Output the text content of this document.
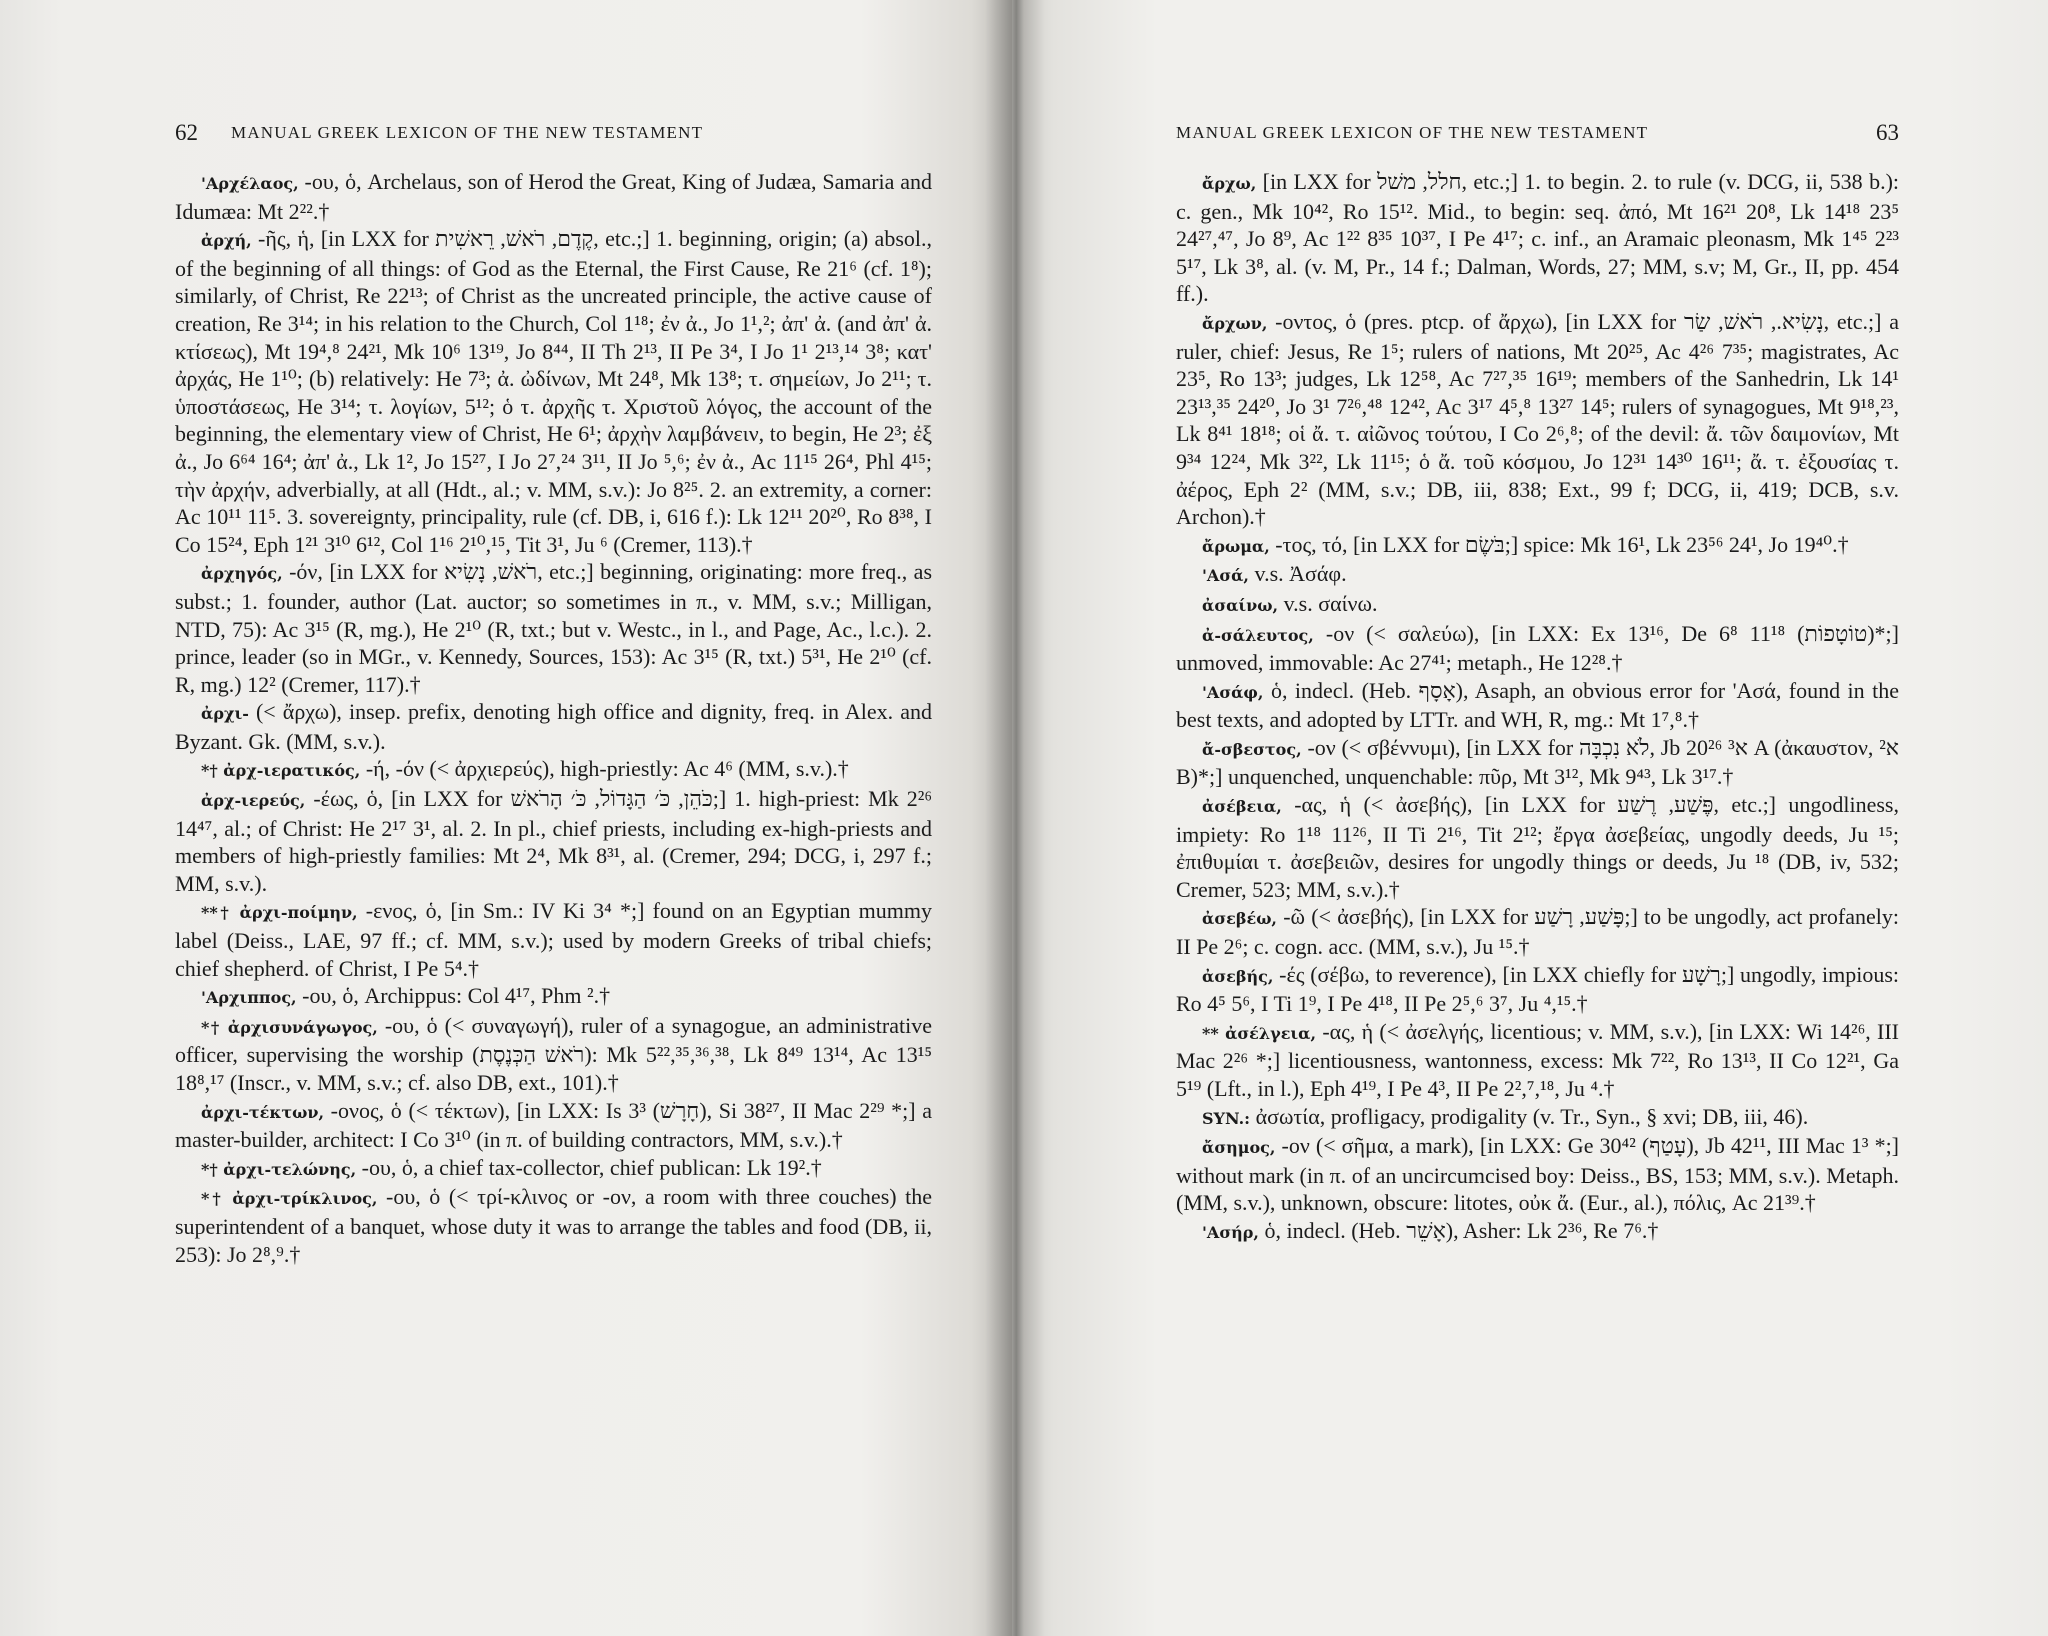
62 MANUAL GREEK LEXICON OF THE NEW TESTAMENT

'Αρχέλαος, -ου, ὁ, Archelaus, son of Herod the Great, King of Judæa, Samaria and Idumæa: Mt 2²².†

ἀρχή, -ῆς, ἡ, [in LXX for קֶדֶם, רֹאשׁ, רֵאשִׁית, etc.;] 1. beginning, origin; (a) absol., of the beginning of all things: of God as the Eternal, the First Cause, Re 21⁶ (cf. 1⁸); similarly, of Christ, Re 22¹³; of Christ as the uncreated principle, the active cause of creation, Re 3¹⁴; in his relation to the Church, Col 1¹⁸; ἐν ἀ., Jo 1¹,²; ἀπ' ἀ. (and ἀπ' ἀ. κτίσεως), Mt 19⁴,⁸ 24²¹, Mk 10⁶ 13¹⁹, Jo 8⁴⁴, II Th 2¹³, II Pe 3⁴, I Jo 1¹ 2¹³,¹⁴ 3⁸; κατ' ἀρχάς, He 1¹⁰; (b) relatively: He 7³; ἀ. ὠδίνων, Mt 24⁸, Mk 13⁸; τ. σημείων, Jo 2¹¹; τ. ὑποστάσεως, He 3¹⁴; τ. λογίων, 5¹²; ὁ τ. ἀρχῆς τ. Χριστοῦ λόγος, the account of the beginning, the elementary view of Christ, He 6¹; ἀρχὴν λαμβάνειν, to begin, He 2³; ἐξ ἀ., Jo 6⁶⁴ 16⁴; ἀπ' ἀ., Lk 1², Jo 15²⁷, I Jo 2⁷,²⁴ 3¹¹, II Jo ⁵,⁶; ἐν ἀ., Ac 11¹⁵ 26⁴, Phl 4¹⁵; τὴν ἀρχήν, adverbially, at all (Hdt., al.; v. MM, s.v.): Jo 8²⁵. 2. an extremity, a corner: Ac 10¹¹ 11⁵. 3. sovereignty, principality, rule (cf. DB, i, 616 f.): Lk 12¹¹ 20²⁰, Ro 8³⁸, I Co 15²⁴, Eph 1²¹ 3¹⁰ 6¹², Col 1¹⁶ 2¹⁰,¹⁵, Tit 3¹, Ju ⁶ (Cremer, 113).†

ἀρχηγός, -όν, [in LXX for רֹאשׁ, נָשִׂיא, etc.;] beginning, originating: more freq., as subst.; 1. founder, author (Lat. auctor; so sometimes in π., v. MM, s.v.; Milligan, NTD, 75): Ac 3¹⁵ (R, mg.), He 2¹⁰ (R, txt.; but v. Westc., in l., and Page, Ac., l.c.). 2. prince, leader (so in MGr., v. Kennedy, Sources, 153): Ac 3¹⁵ (R, txt.) 5³¹, He 2¹⁰ (cf. R, mg.) 12² (Cremer, 117).†

ἀρχι- (< ἄρχω), insep. prefix, denoting high office and dignity, freq. in Alex. and Byzant. Gk. (MM, s.v.).

*† ἀρχ-ιερατικός, -ή, -όν (< ἀρχιερεύς), high-priestly: Ac 4⁶ (MM, s.v.).†

ἀρχ-ιερεύς, -έως, ὁ, [in LXX for כֹּהֵן, כֹּ׳ הַגָּדוֹל, כֹּ׳ הָרֹאשׁ;] 1. high-priest: Mk 2²⁶ 14⁴⁷, al.; of Christ: He 2¹⁷ 3¹, al. 2. In pl., chief priests, including ex-high-priests and members of high-priestly families: Mt 2⁴, Mk 8³¹, al. (Cremer, 294; DCG, i, 297 f.; MM, s.v.).

**† ἀρχι-ποίμην, -ενος, ὁ, [in Sm.: IV Ki 3⁴ *;] found on an Egyptian mummy label (Deiss., LAE, 97 ff.; cf. MM, s.v.); used by modern Greeks of tribal chiefs; chief shepherd. of Christ, I Pe 5⁴.†

'Αρχιππος, -ου, ὁ, Archippus: Col 4¹⁷, Phm ².†

*† ἀρχισυνάγωγος, -ου, ὁ (< συναγωγή), ruler of a synagogue, an administrative officer, supervising the worship (רֹאשׁ הַכְּנֶסֶת): Mk 5²²,³⁵,³⁶,³⁸, Lk 8⁴⁹ 13¹⁴, Ac 13¹⁵ 18⁸,¹⁷ (Inscr., v. MM, s.v.; cf. also DB, ext., 101).†

ἀρχι-τέκτων, -ονος, ὁ (< τέκτων), [in LXX: Is 3³ (חָרָשׁ), Si 38²⁷, II Mac 2²⁹ *;] a master-builder, architect: I Co 3¹⁰ (in π. of building contractors, MM, s.v.).†

*† ἀρχι-τελώνης, -ου, ὁ, a chief tax-collector, chief publican: Lk 19².†

*† ἀρχι-τρίκλινος, -ου, ὁ (< τρί-κλινος or -ον, a room with three couches) the superintendent of a banquet, whose duty it was to arrange the tables and food (DB, ii, 253): Jo 2⁸,⁹.†

MANUAL GREEK LEXICON OF THE NEW TESTAMENT	63

ἄρχω, [in LXX for חלל, משׁל, etc.;] 1. to begin. 2. to rule (v. DCG, ii, 538 b.): c. gen., Mk 10⁴², Ro 15¹². Mid., to begin: seq. ἀπό, Mt 16²¹ 20⁸, Lk 14¹⁸ 23⁵ 24²⁷,⁴⁷, Jo 8⁹, Ac 1²² 8³⁵ 10³⁷, I Pe 4¹⁷; c. inf., an Aramaic pleonasm, Mk 1⁴⁵ 2²³ 5¹⁷, Lk 3⁸, al. (v. M, Pr., 14 f.; Dalman, Words, 27; MM, s.v; M, Gr., II, pp. 454 ff.).

ἄρχων, -οντος, ὁ (pres. ptcp. of ἄρχω), [in LXX for נָשִׂיא., רֹאשׁ, שַׂר, etc.;] a ruler, chief: Jesus, Re 1⁵; rulers of nations, Mt 20²⁵, Ac 4²⁶ 7³⁵; magistrates, Ac 23⁵, Ro 13³; judges, Lk 12⁵⁸, Ac 7²⁷,³⁵ 16¹⁹; members of the Sanhedrin, Lk 14¹ 23¹³,³⁵ 24²⁰, Jo 3¹ 7²⁶,⁴⁸ 12⁴², Ac 3¹⁷ 4⁵,⁸ 13²⁷ 14⁵; rulers of synagogues, Mt 9¹⁸,²³, Lk 8⁴¹ 18¹⁸; οἱ ἄ. τ. αἰῶνος τούτου, I Co 2⁶,⁸; of the devil: ἄ. τῶν δαιμονίων, Mt 9³⁴ 12²⁴, Mk 3²², Lk 11¹⁵; ὁ ἄ. τοῦ κόσμου, Jo 12³¹ 14³⁰ 16¹¹; ἄ. τ. ἐξουσίας τ. ἀέρος, Eph 2² (MM, s.v.; DB, iii, 838; Ext., 99 f; DCG, ii, 419; DCB, s.v. Archon).†

ἄρωμα, -τος, τό, [in LXX for בֹּשֶׂם;] spice: Mk 16¹, Lk 23⁵⁶ 24¹, Jo 19⁴⁰.†

'Ασά, v.s. Ἀσάφ.

ἀσαίνω, v.s. σαίνω.

ἀ-σάλευτος, -ον (< σαλεύω), [in LXX: Ex 13¹⁶, De 6⁸ 11¹⁸ (טוֹטָפוֹת)*;] unmoved, immovable: Ac 27⁴¹; metaph., He 12²⁸.†

'Ασάφ, ὁ, indecl. (Heb. אָסָף), Asaph, an obvious error for 'Ασά, found in the best texts, and adopted by LTTr. and WH, R, mg.: Mt 1⁷,⁸.†

ἄ-σβεστος, -ον (< σβέννυμι), [in LXX for לֹא נִכְבָּה, Jb 20²⁶ א³ A (ἀκαυστον, א² B)*;] unquenched, unquenchable: πῦρ, Mt 3¹², Mk 9⁴³, Lk 3¹⁷.†

ἀσέβεια, -ας, ἡ (< ἀσεβής), [in LXX for פֶּשַׁע, רֶשַׁע, etc.;] ungodliness, impiety: Ro 1¹⁸ 11²⁶, II Ti 2¹⁶, Tit 2¹²; ἔργα ἀσεβείας, ungodly deeds, Ju ¹⁵; ἐπιθυμίαι τ. ἀσεβειῶν, desires for ungodly things or deeds, Ju ¹⁸ (DB, iv, 532; Cremer, 523; MM, s.v.).†

ἀσεβέω, -ῶ (< ἀσεβής), [in LXX for פָּשַׁע, רָשַׁע;] to be ungodly, act profanely: II Pe 2⁶; c. cogn. acc. (MM, s.v.), Ju ¹⁵.†

ἀσεβής, -ές (σέβω, to reverence), [in LXX chiefly for רָשָׁע;] ungodly, impious: Ro 4⁵ 5⁶, I Ti 1⁹, I Pe 4¹⁸, II Pe 2⁵,⁶ 3⁷, Ju ⁴,¹⁵.†

** ἀσέλγεια, -ας, ἡ (< ἀσελγής, licentious; v. MM, s.v.), [in LXX: Wi 14²⁶, III Mac 2²⁶ *;] licentiousness, wantonness, excess: Mk 7²², Ro 13¹³, II Co 12²¹, Ga 5¹⁹ (Lft., in l.), Eph 4¹⁹, I Pe 4³, II Pe 2²,⁷,¹⁸, Ju ⁴.†

SYN.: ἀσωτία, profligacy, prodigality (v. Tr., Syn., § xvi; DB, iii, 46).

ἄσημος, -ον (< σῆμα, a mark), [in LXX: Ge 30⁴² (עָטַף), Jb 42¹¹, III Mac 1³ *;] without mark (in π. of an uncircumcised boy: Deiss., BS, 153; MM, s.v.). Metaph. (MM, s.v.), unknown, obscure: litotes, οὐκ ἄ. (Eur., al.), πόλις, Ac 21³⁹.†

'Ασήρ, ὁ, indecl. (Heb. אָשֵׁר), Asher: Lk 2³⁶, Re 7⁶.†
